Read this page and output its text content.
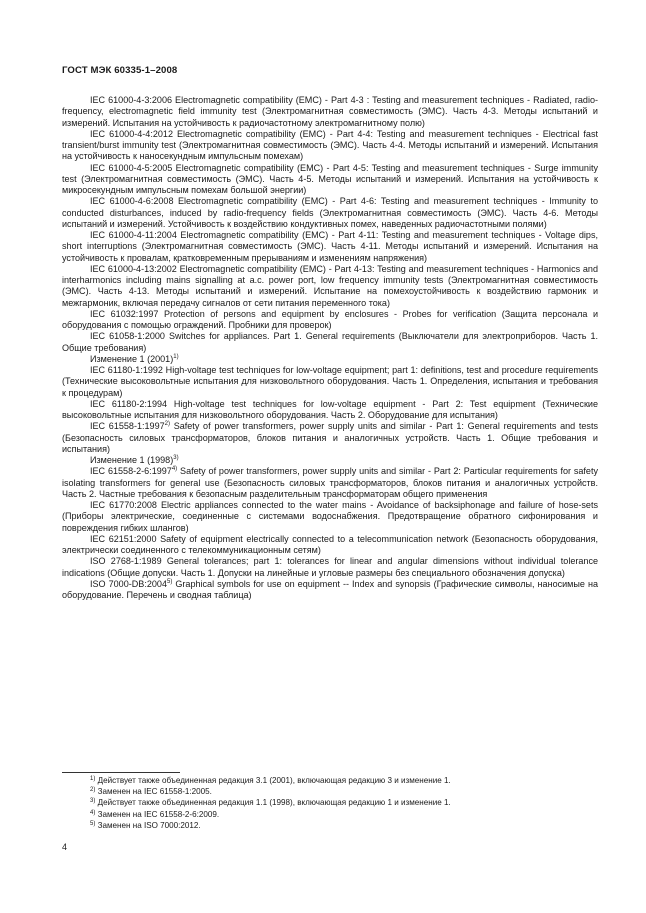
ГОСТ МЭК 60335-1–2008

IEC 61000-4-3:2006 Electromagnetic compatibility (EMC) - Part 4-3 : Testing and measurement techniques - Radiated, radio-frequency, electromagnetic field immunity test (Электромагнитная совместимость (ЭМС). Часть 4-3. Методы испытаний и измерений. Испытания на устойчивость к радиочастотному электромагнитному полю)

IEC 61000-4-4:2012 Electromagnetic compatibility (EMC) - Part 4-4: Testing and measurement techniques - Electrical fast transient/burst immunity test (Электромагнитная совместимость (ЭМС). Часть 4-4. Методы испытаний и измерений. Испытания на устойчивость к наносекундным импульсным помехам)

IEC 61000-4-5:2005 Electromagnetic compatibility (EMC) - Part 4-5: Testing and measurement techniques - Surge immunity test (Электромагнитная совместимость (ЭМС). Часть 4-5. Методы испытаний и измерений. Испытания на устойчивость к микросекундным импульсным помехам большой энергии)

IEC 61000-4-6:2008 Electromagnetic compatibility (EMC) - Part 4-6: Testing and measurement techniques - Immunity to conducted disturbances, induced by radio-frequency fields (Электромагнитная совместимость (ЭМС). Часть 4-6. Методы испытаний и измерений. Устойчивость к воздействию кондуктивных помех, наведенных радиочастотными полями)

IEC 61000-4-11:2004 Electromagnetic compatibility (EMC) - Part 4-11: Testing and measurement techniques - Voltage dips, short interruptions (Электромагнитная совместимость (ЭМС). Часть 4-11. Методы испытаний и измерений. Испытания на устойчивость к провалам, кратковременным прерываниям и изменениям напряжения)

IEC 61000-4-13:2002 Electromagnetic compatibility (EMC) - Part 4-13: Testing and measurement techniques - Harmonics and interharmonics including mains signalling at a.c. power port, low frequency immunity tests (Электромагнитная совместимость (ЭМС). Часть 4-13. Методы испытаний и измерений. Испытание на помехоустойчивость к воздействию гармоник и межгармоник, включая передачу сигналов от сети питания переменного тока)

IEC 61032:1997 Protection of persons and equipment by enclosures - Probes for verification (Защита персонала и оборудования с помощью ограждений. Пробники для проверок)

IEC 61058-1:2000 Switches for appliances. Part 1. General requirements (Выключатели для электроприборов. Часть 1. Общие требования)

Изменение 1 $(2001)^{1)}$

IEC 61180-1:1992 High-voltage test techniques for low-voltage equipment; part 1: definitions, test and procedure requirements (Технические высоковольтные испытания для низковольтного оборудования. Часть 1. Определения, испытания и требования к процедурам)

IEC 61180-2:1994 High-voltage test techniques for low-voltage equipment - Part 2: Test equipment (Технические высоковольтные испытания для низковольтного оборудования. Часть 2. Оборудование для испытания)

IEC 61558-1:1997$^{2)}$ Safety of power transformers, power supply units and similar - Part 1: General requirements and tests (Безопасность силовых трансформаторов, блоков питания и аналогичных устройств. Часть 1. Общие требования и испытания)

Изменение 1 $(1998)^{3)}$

IEC 61558-2-6:1997$^{4)}$ Safety of power transformers, power supply units and similar - Part 2: Particular requirements for safety isolating transformers for general use (Безопасность силовых трансформаторов, блоков питания и аналогичных устройств. Часть 2. Частные требования к безопасным разделительным трансформаторам общего применения

IEC 61770:2008 Electric appliances connected to the water mains - Avoidance of backsiphonage and failure of hose-sets (Приборы электрические, соединенные с системами водоснабжения. Предотвращение обратного сифонирования и повреждения гибких шлангов)

IEC 62151:2000 Safety of equipment electrically connected to a telecommunication network (Безопасность оборудования, электрически соединенного с телекоммуникационным сетям)

ISO 2768-1:1989 General tolerances; part 1: tolerances for linear and angular dimensions without individual tolerance indications (Общие допуски. Часть 1. Допуски на линейные и угловые размеры без специального обозначения допуска)

ISO 7000-DB:2004$^{5)}$ Graphical symbols for use on equipment -- Index and synopsis (Графические символы, наносимые на оборудование. Перечень и сводная таблица)

$^{1)}$ Действует также объединенная редакция 3.1 (2001), включающая редакцию 3 и изменение 1.

$^{2)}$ Заменен на IEC 61558-1:2005.

$^{3)}$ Действует также объединенная редакция 1.1 (1998), включающая редакцию 1 и изменение 1.

$^{4)}$ Заменен на IEC 61558-2-6:2009.

$^{5)}$ Заменен на ISO 7000:2012.

4
